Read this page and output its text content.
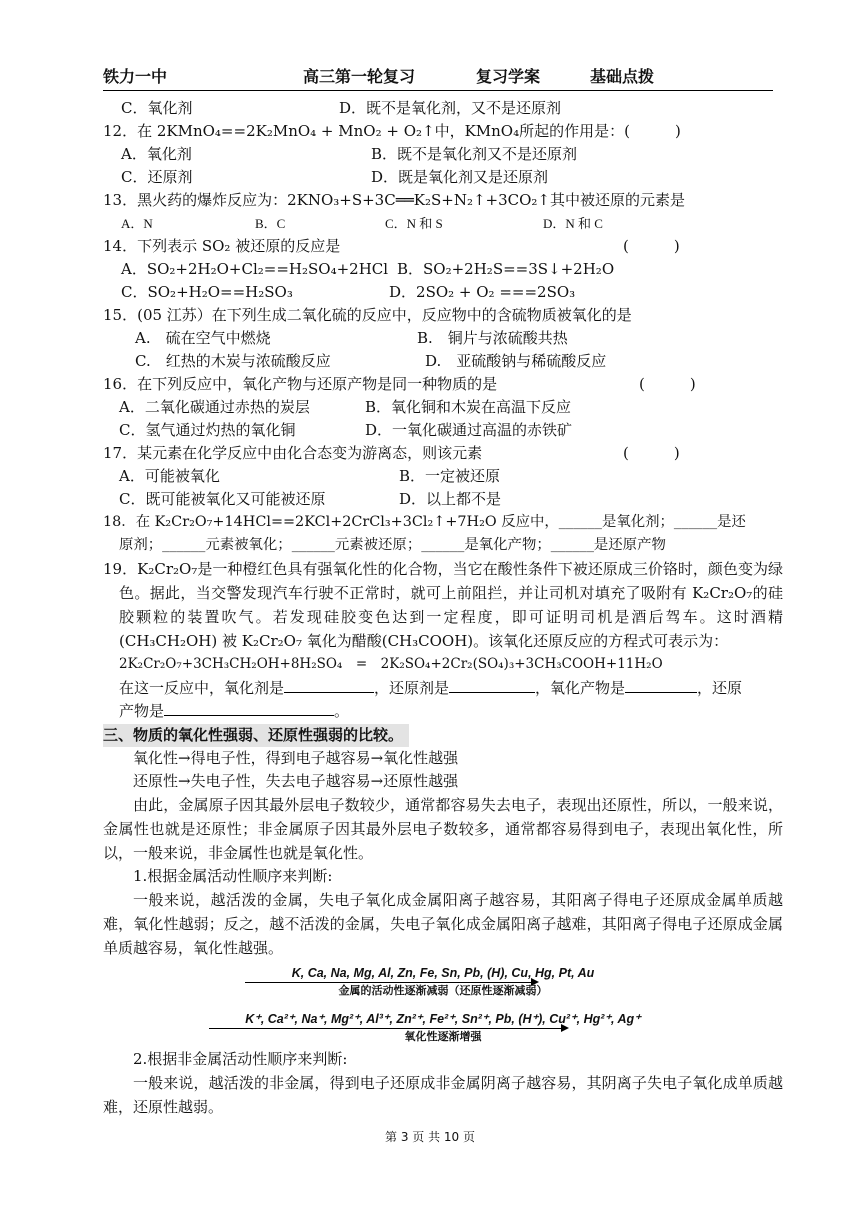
铁力一中	高三第一轮复习	复习学案	基础点拨
C．氧化剂	D．既不是氧化剂，又不是还原剂
12．在 2KMnO₄==2K₂MnO₄ + MnO₂ + O₂↑中，KMnO₄所起的作用是：(　　　)
A．氧化剂	B．既不是氧化剂又不是还原剂
C．还原剂	D．既是氧化剂又是还原剂
13．黑火药的爆炸反应为：2KNO₃+S+3C══K₂S+N₂↑+3CO₂↑其中被还原的元素是
A．N	B．C	C．N 和 S	D．N 和 C
14．下列表示 SO₂ 被还原的反应是	(　　　)
A．SO₂+2H₂O+Cl₂==H₂SO₄+2HCl B．SO₂+2H₂S==3S↓+2H₂O
C．SO₂+H₂O==H₂SO₃	D．2SO₂ + O₂ ===2SO₃
15．(05 江苏）在下列生成二氧化硫的反应中，反应物中的含硫物质被氧化的是
A.　硫在空气中燃烧	B.　铜片与浓硫酸共热
C.　红热的木炭与浓硫酸反应	D.　亚硫酸钠与稀硫酸反应
16．在下列反应中，氧化产物与还原产物是同一种物质的是	(　　　)
A．二氧化碳通过赤热的炭层	B．氧化铜和木炭在高温下反应
C．氢气通过灼热的氧化铜	D．一氧化碳通过高温的赤铁矿
17．某元素在化学反应中由化合态变为游离态，则该元素	(　　　)
A．可能被氧化	B．一定被还原
C．既可能被氧化又可能被还原	D．以上都不是
18．在 K₂Cr₂O₇+14HCl==2KCl+2CrCl₃+3Cl₂↑+7H₂O 反应中，______是氧化剂；______是还
原剂；______元素被氧化；______元素被还原；______是氧化产物；______是还原产物
19．K₂Cr₂O₇是一种橙红色具有强氧化性的化合物，当它在酸性条件下被还原成三价铬时，颜色变为绿色。据此，当交警发现汽车行驶不正常时，就可上前阻拦，并让司机对填充了吸附有 K₂Cr₂O₇的硅胶颗粒的装置吹气。若发现硅胶变色达到一定程度，即可证明司机是酒后驾车。这时酒精(CH₃CH₂OH) 被 K₂Cr₂O₇ 氧化为醋酸(CH₃COOH)。该氧化还原反应的方程式可表示为：
2K₂Cr₂O₇+3CH₃CH₂OH+8H₂SO₄　=　2K₂SO₄+2Cr₂(SO₄)₃+3CH₃COOH+11H₂O
在这一反应中，氧化剂是	，还原剂是	，氧化产物是	，还原
产物是	。
三、物质的氧化性强弱、还原性强弱的比较。
氧化性→得电子性，得到电子越容易→氧化性越强
还原性→失电子性，失去电子越容易→还原性越强
由此，金属原子因其最外层电子数较少，通常都容易失去电子，表现出还原性，所以，一般来说，金属性也就是还原性；非金属原子因其最外层电子数较多，通常都容易得到电子，表现出氧化性，所以，一般来说，非金属性也就是氧化性。
1.根据金属活动性顺序来判断:
一般来说，越活泼的金属，失电子氧化成金属阳离子越容易，其阳离子得电子还原成金属单质越难，氧化性越弱；反之，越不活泼的金属，失电子氧化成金属阳离子越难，其阳离子得电子还原成金属单质越容易，氧化性越强。
K, Ca, Na, Mg, Al, Zn, Fe, Sn, Pb, (H), Cu, Hg, Pt, Au
金属的活动性逐渐减弱（还原性逐渐减弱）
K⁺, Ca²⁺, Na⁺, Mg²⁺, Al³⁺, Zn²⁺, Fe²⁺, Sn²⁺, Pb, (H⁺), Cu²⁺, Hg²⁺, Ag⁺
氧化性逐渐增强
2.根据非金属活动性顺序来判断:
一般来说，越活泼的非金属，得到电子还原成非金属阴离子越容易，其阴离子失电子氧化成单质越难，还原性越弱。
第 3 页 共 10 页
